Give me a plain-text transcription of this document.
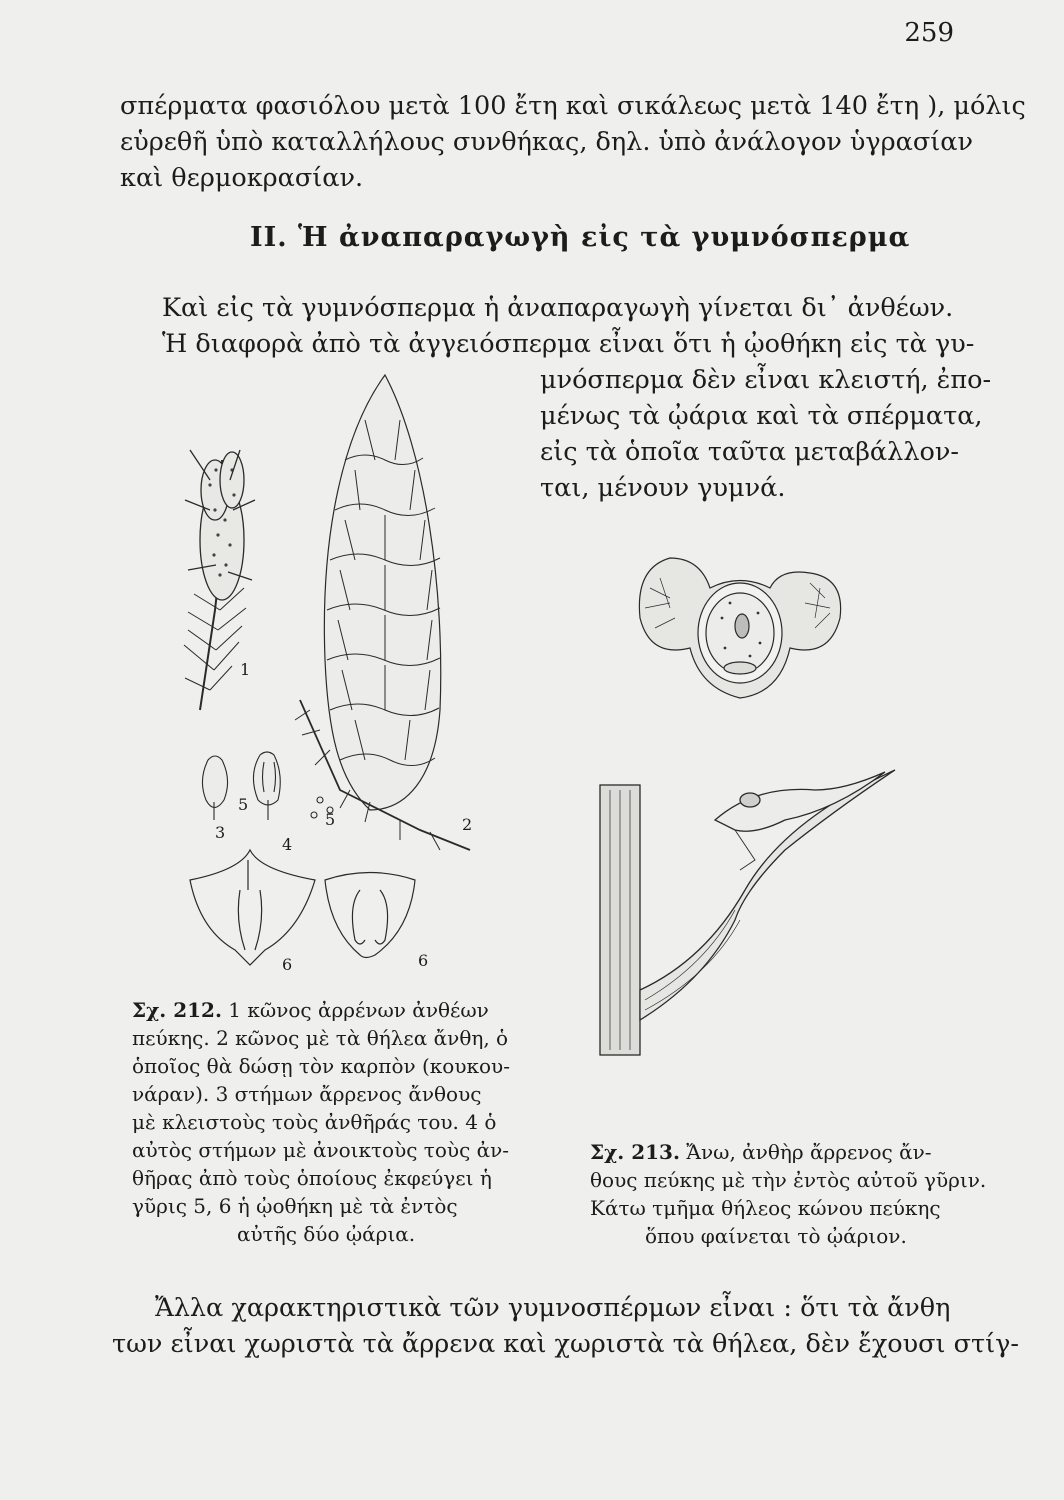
259
σπέρματα φασιόλου μετὰ 100 ἔτη καὶ σικάλεως μετὰ 140 ἔτη ), μόλις
εὑρεθῆ ὑπὸ καταλλήλους συνθήκας, δηλ. ὑπὸ ἀνάλογον ὑγρασίαν
καὶ θερμοκρασίαν.
ΙΙ. Ἡ ἀναπαραγωγὴ εἰς τὰ γυμνόσπερμα
Καὶ εἰς τὰ γυμνόσπερμα ἡ ἀναπαραγωγὴ γίνεται δι᾽ ἀνθέων.
Ἡ διαφορὰ ἀπὸ τὰ ἀγγειόσπερμα εἶναι ὅτι ἡ ᾠοθήκη εἰς τὰ γυ-
μνόσπερμα δὲν εἶναι κλειστή, ἐπο-
μένως τὰ ᾠάρια καὶ τὰ σπέρματα,
εἰς τὰ ὁποῖα ταῦτα μεταβάλλον-
ται, μένουν γυμνά.
1
2
3
4
5
5
6	6
Σχ. 212. 1 κῶνος ἀρρένων ἀνθέων
πεύκης. 2 κῶνος μὲ τὰ θήλεα ἄνθη, ὁ
ὁποῖος θὰ δώσῃ τὸν καρπὸν (κουκου-
νάραν). 3 στήμων ἄρρενος ἄνθους
μὲ κλειστοὺς τοὺς ἀνθῆράς του. 4 ὁ
αὐτὸς στήμων μὲ ἀνοικτοὺς τοὺς ἀν-
θῆρας ἀπὸ τοὺς ὁποίους ἐκφεύγει ἡ
γῦρις 5, 6 ἡ ᾠοθήκη μὲ τὰ ἐντὸς
αὐτῆς δύο ᾠάρια.
Σχ. 213. Ἄνω, ἀνθὴρ ἄρρενος ἄν-
θους πεύκης μὲ τὴν ἐντὸς αὐτοῦ γῦριν.
Κάτω τμῆμα θήλεος κώνου πεύκης
ὅπου φαίνεται τὸ ᾠάριον.
Ἄλλα χαρακτηριστικὰ τῶν γυμνοσπέρμων εἶναι : ὅτι τὰ ἄνθη
των εἶναι χωριστὰ τὰ ἄρρενα καὶ χωριστὰ τὰ θήλεα, δὲν ἔχουσι στίγ-
